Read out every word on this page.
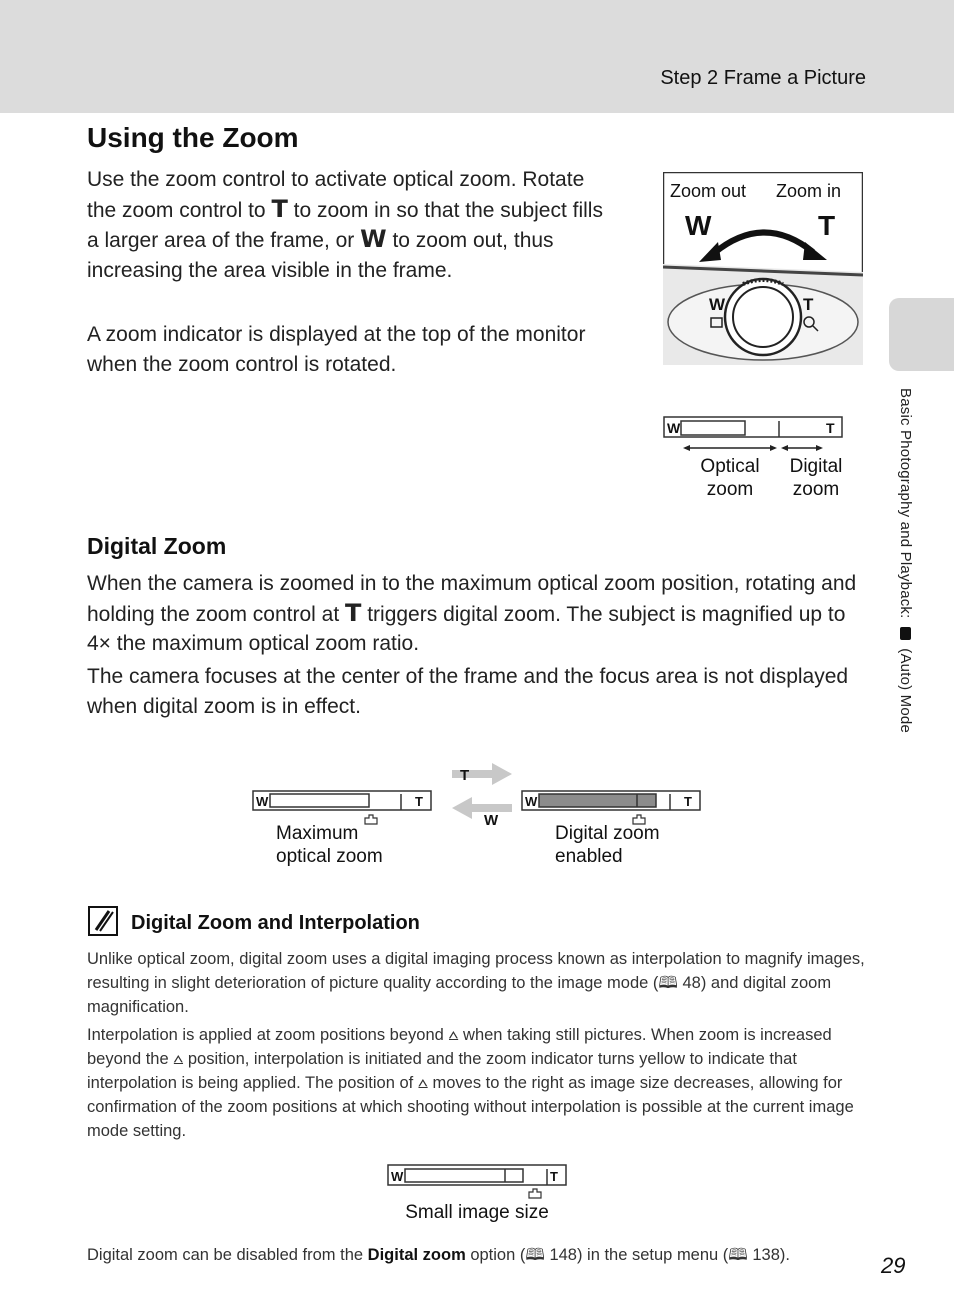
Step 2 Frame a Picture
Basic Photography and Playback:  (Auto) Mode
Using the Zoom

Use the zoom control to activate optical zoom. Rotate the zoom control to T to zoom in so that the subject fills a larger area of the frame, or W to zoom out, thus increasing the area visible in the frame.

A zoom indicator is displayed at the top of the monitor when the zoom control is rotated.

Zoom out Zoom in
W	T
W	T
W	T
Optical
zoom
Digital
zoom
Digital Zoom

When the camera is zoomed in to the maximum optical zoom position, rotating and holding the zoom control at T triggers digital zoom. The subject is magnified up to 4× the maximum optical zoom ratio.

The camera focuses at the center of the frame and the focus area is not displayed when digital zoom is in effect.

W	T
T
W
W	T
Maximum
optical zoom
Digital zoom
enabled
Digital Zoom and Interpolation

Unlike optical zoom, digital zoom uses a digital imaging process known as interpolation to magnify images, resulting in slight deterioration of picture quality according to the image mode (🕮 48) and digital zoom magnification.

Interpolation is applied at zoom positions beyond ⩟ when taking still pictures. When zoom is increased beyond the ⩟ position, interpolation is initiated and the zoom indicator turns yellow to indicate that interpolation is being applied. The position of ⩟ moves to the right as image size decreases, allowing for confirmation of the zoom positions at which shooting without interpolation is possible at the current image mode setting.

W	T
Small image size
Digital zoom can be disabled from the Digital zoom option (🕮 148) in the setup menu (🕮 138).	29
